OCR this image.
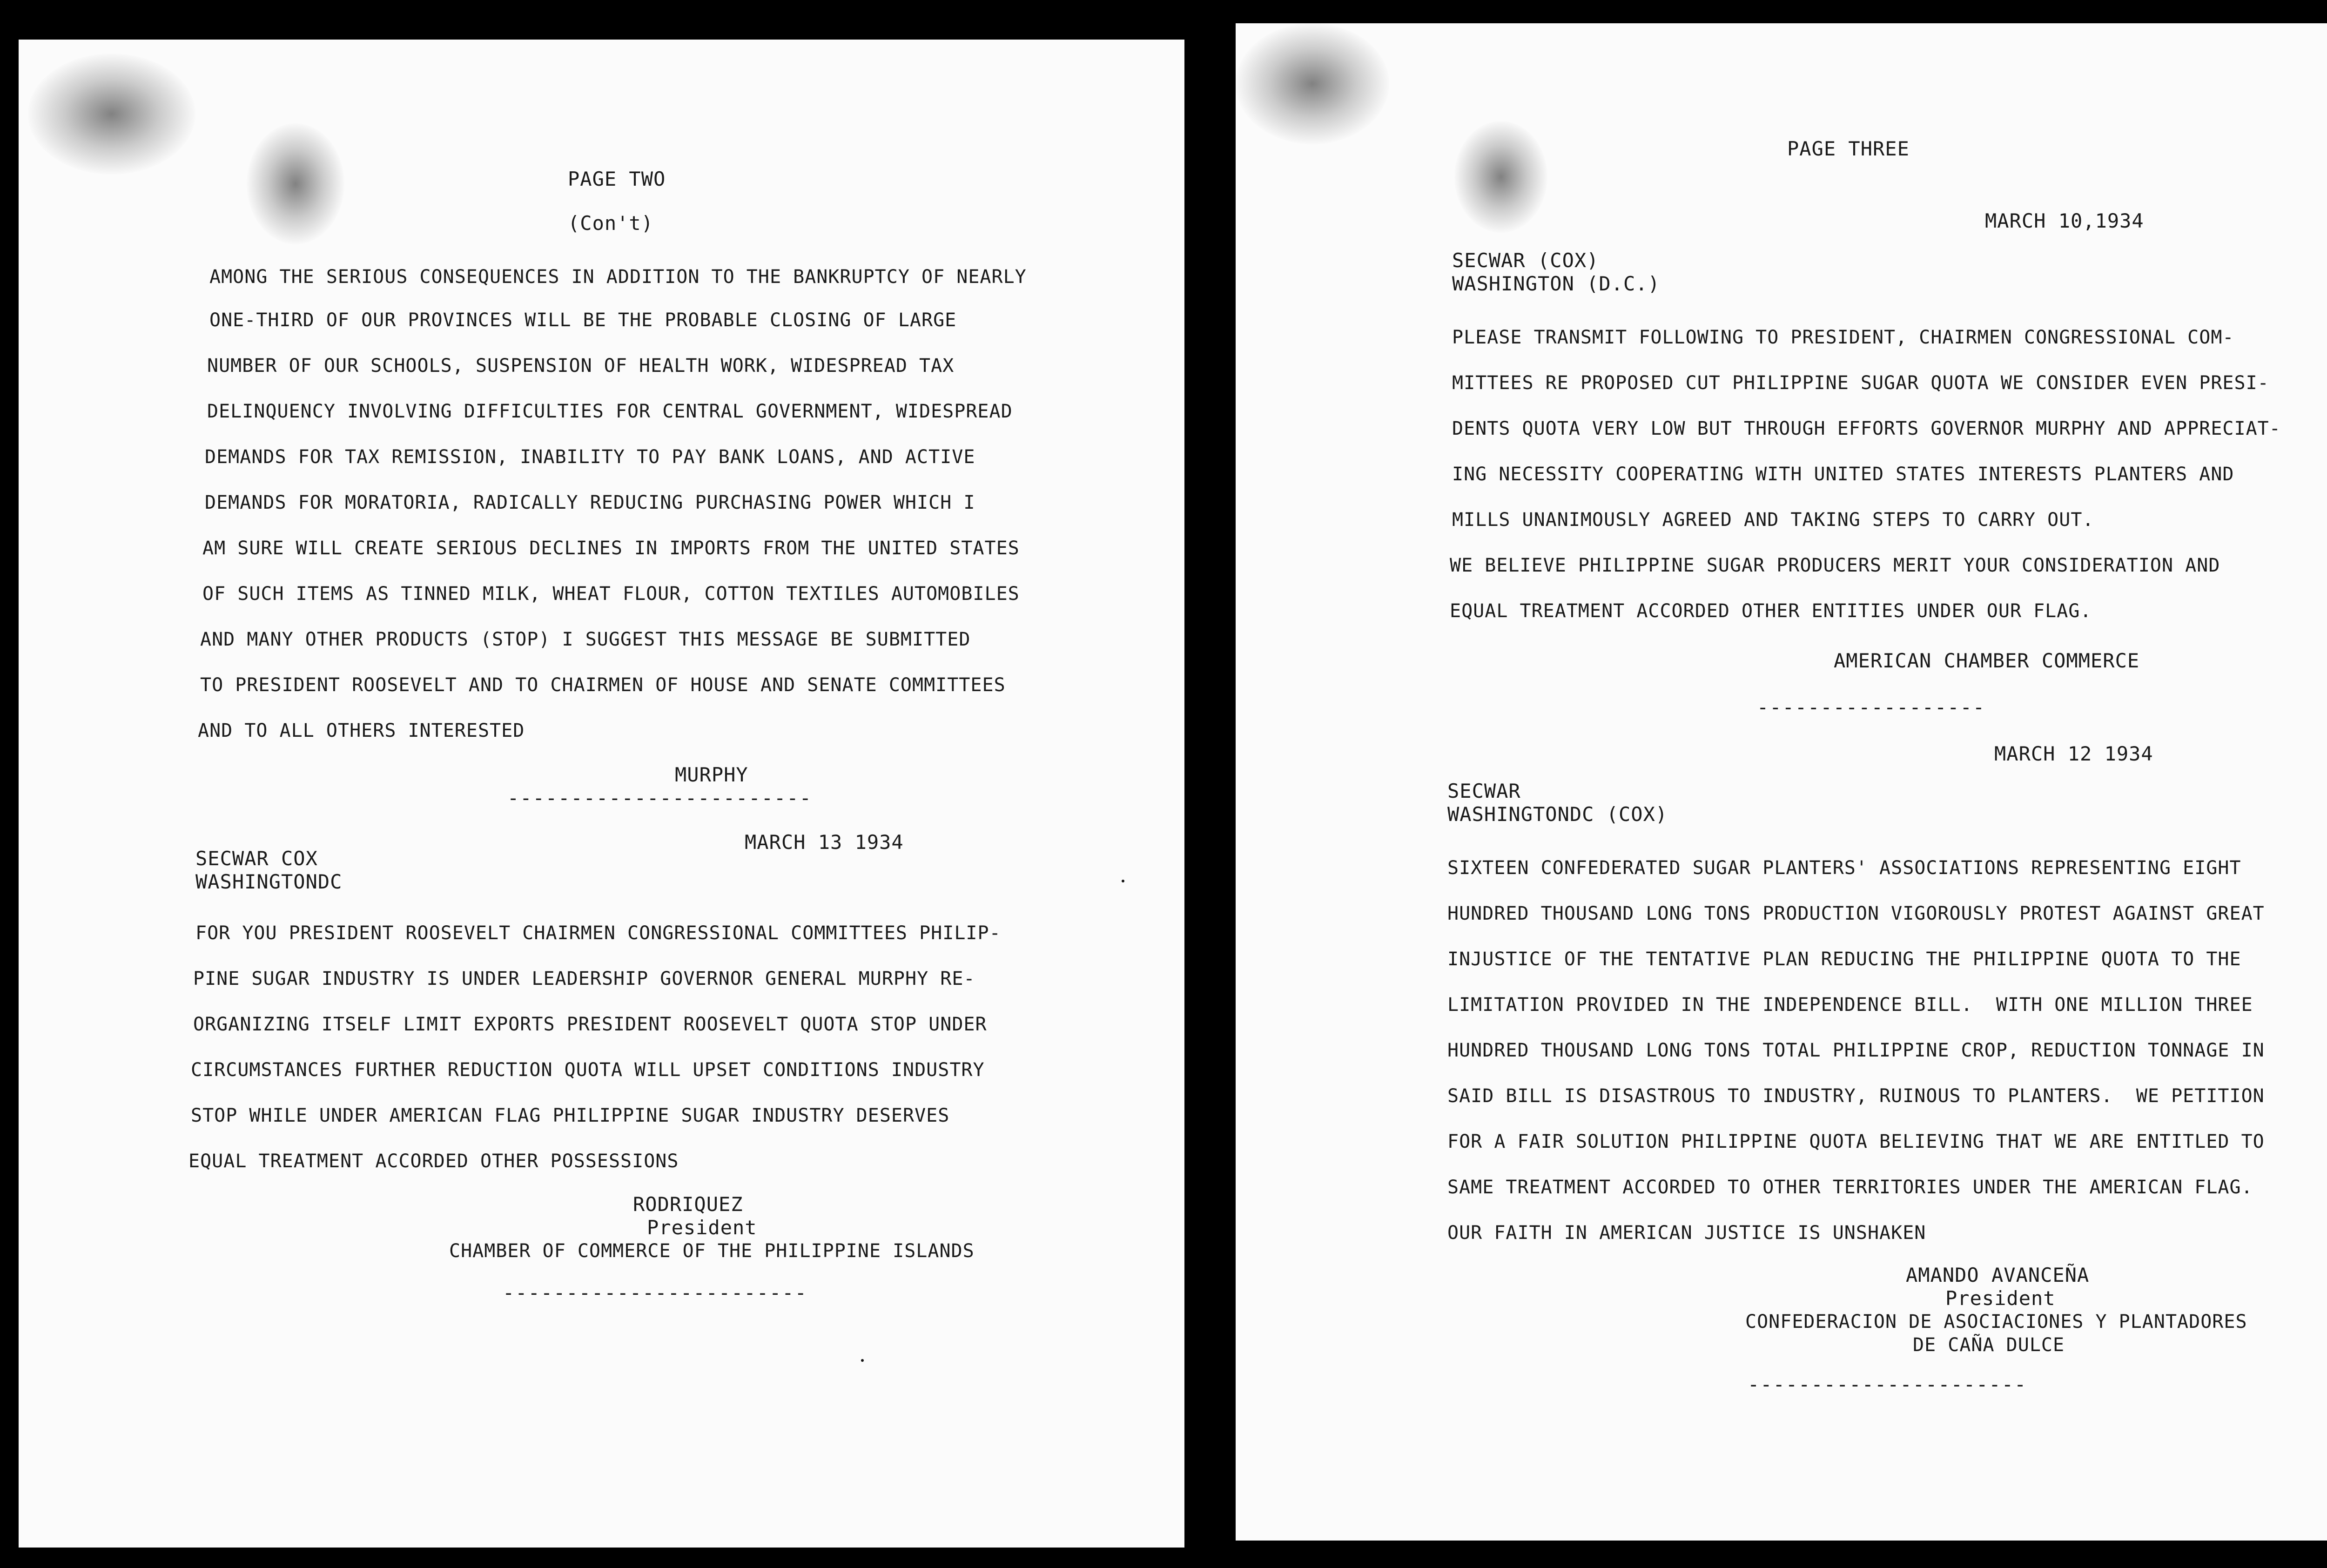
PAGE TWO
(Con't)
AMONG THE SERIOUS CONSEQUENCES IN ADDITION TO THE BANKRUPTCY OF NEARLY
ONE-THIRD OF OUR PROVINCES WILL BE THE PROBABLE CLOSING OF LARGE
NUMBER OF OUR SCHOOLS, SUSPENSION OF HEALTH WORK, WIDESPREAD TAX
DELINQUENCY INVOLVING DIFFICULTIES FOR CENTRAL GOVERNMENT, WIDESPREAD
DEMANDS FOR TAX REMISSION, INABILITY TO PAY BANK LOANS, AND ACTIVE
DEMANDS FOR MORATORIA, RADICALLY REDUCING PURCHASING POWER WHICH I
AM SURE WILL CREATE SERIOUS DECLINES IN IMPORTS FROM THE UNITED STATES
OF SUCH ITEMS AS TINNED MILK, WHEAT FLOUR, COTTON TEXTILES AUTOMOBILES
AND MANY OTHER PRODUCTS (STOP) I SUGGEST THIS MESSAGE BE SUBMITTED
TO PRESIDENT ROOSEVELT AND TO CHAIRMEN OF HOUSE AND SENATE COMMITTEES
AND TO ALL OTHERS INTERESTED
MURPHY
------------------------
MARCH 13 1934
SECWAR COX
WASHINGTONDC
FOR YOU PRESIDENT ROOSEVELT CHAIRMEN CONGRESSIONAL COMMITTEES PHILIP-
PINE SUGAR INDUSTRY IS UNDER LEADERSHIP GOVERNOR GENERAL MURPHY RE-
ORGANIZING ITSELF LIMIT EXPORTS PRESIDENT ROOSEVELT QUOTA STOP UNDER
CIRCUMSTANCES FURTHER REDUCTION QUOTA WILL UPSET CONDITIONS INDUSTRY
STOP WHILE UNDER AMERICAN FLAG PHILIPPINE SUGAR INDUSTRY DESERVES
EQUAL TREATMENT ACCORDED OTHER POSSESSIONS
RODRIQUEZ
President
CHAMBER OF COMMERCE OF THE PHILIPPINE ISLANDS
------------------------
PAGE THREE
MARCH 10,1934
SECWAR (COX)
WASHINGTON (D.C.)
PLEASE TRANSMIT FOLLOWING TO PRESIDENT, CHAIRMEN CONGRESSIONAL COM-
MITTEES RE PROPOSED CUT PHILIPPINE SUGAR QUOTA WE CONSIDER EVEN PRESI-
DENTS QUOTA VERY LOW BUT THROUGH EFFORTS GOVERNOR MURPHY AND APPRECIAT-
ING NECESSITY COOPERATING WITH UNITED STATES INTERESTS PLANTERS AND
MILLS UNANIMOUSLY AGREED AND TAKING STEPS TO CARRY OUT.
WE BELIEVE PHILIPPINE SUGAR PRODUCERS MERIT YOUR CONSIDERATION AND
EQUAL TREATMENT ACCORDED OTHER ENTITIES UNDER OUR FLAG.
AMERICAN CHAMBER COMMERCE
------------------
MARCH 12 1934
SECWAR
WASHINGTONDC (COX)
SIXTEEN CONFEDERATED SUGAR PLANTERS' ASSOCIATIONS REPRESENTING EIGHT
HUNDRED THOUSAND LONG TONS PRODUCTION VIGOROUSLY PROTEST AGAINST GREAT
INJUSTICE OF THE TENTATIVE PLAN REDUCING THE PHILIPPINE QUOTA TO THE
LIMITATION PROVIDED IN THE INDEPENDENCE BILL.  WITH ONE MILLION THREE
HUNDRED THOUSAND LONG TONS TOTAL PHILIPPINE CROP, REDUCTION TONNAGE IN
SAID BILL IS DISASTROUS TO INDUSTRY, RUINOUS TO PLANTERS.  WE PETITION
FOR A FAIR SOLUTION PHILIPPINE QUOTA BELIEVING THAT WE ARE ENTITLED TO
SAME TREATMENT ACCORDED TO OTHER TERRITORIES UNDER THE AMERICAN FLAG.
OUR FAITH IN AMERICAN JUSTICE IS UNSHAKEN
AMANDO AVANCEÑA
President
CONFEDERACION DE ASOCIACIONES Y PLANTADORES
DE CAÑA DULCE
----------------------
